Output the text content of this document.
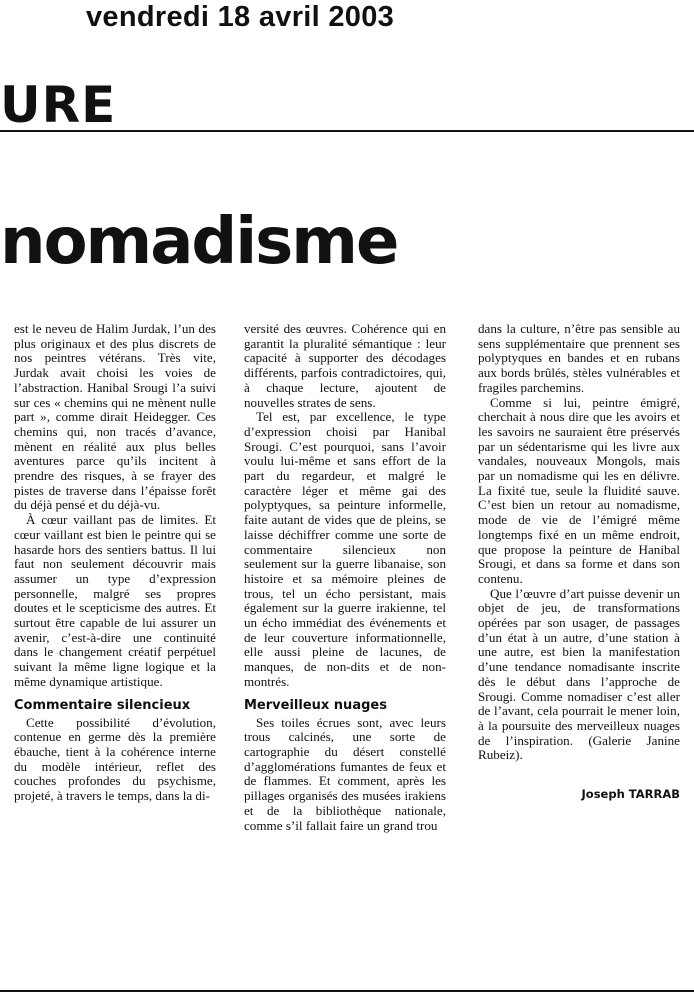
vendredi 18 avril 2003
URE
nomadisme

est le neveu de Halim Jurdak, l’un des plus originaux et des plus discrets de nos peintres vétérans. Très vite, Jurdak avait choisi les voies de l’abstraction. Hanibal Srougi l’a suivi sur ces « chemins qui ne mènent nulle part », comme dirait Heidegger. Ces chemins qui, non tracés d’avance, mènent en réalité aux plus belles aventures parce qu’ils incitent à prendre des risques, à se frayer des pistes de traverse dans l’épaisse forêt du déjà pensé et du déjà-vu.

À cœur vaillant pas de limites. Et cœur vaillant est bien le peintre qui se hasarde hors des sentiers battus. Il lui faut non seulement découvrir mais assumer un type d’expression personnelle, malgré ses propres doutes et le scepticisme des autres. Et surtout être capable de lui assurer un avenir, c’est-à-dire une continuité dans le changement créatif perpétuel suivant la même ligne logique et la même dynamique artistique.

Commentaire silencieux

Cette possibilité d’évolution, contenue en germe dès la première ébauche, tient à la cohérence interne du modèle intérieur, reflet des couches profondes du psychisme, projeté, à travers le temps, dans la di-

versité des œuvres. Cohérence qui en garantit la pluralité sémantique : leur capacité à supporter des décodages différents, parfois contradictoires, qui, à chaque lecture, ajoutent de nouvelles strates de sens.

Tel est, par excellence, le type d’expression choisi par Hanibal Srougi. C’est pourquoi, sans l’avoir voulu lui-même et sans effort de la part du regardeur, et malgré le caractère léger et même gai des polyptyques, sa peinture informelle, faite autant de vides que de pleins, se laisse déchiffrer comme une sorte de commentaire silencieux non seulement sur la guerre libanaise, son histoire et sa mémoire pleines de trous, tel un écho persistant, mais également sur la guerre irakienne, tel un écho immédiat des événements et de leur couverture informationnelle, elle aussi pleine de lacunes, de manques, de non-dits et de non-montrés.

Merveilleux nuages

Ses toiles écrues sont, avec leurs trous calcinés, une sorte de cartographie du désert constellé d’agglomérations fumantes de feux et de flammes. Et comment, après les pillages organisés des musées irakiens et de la bibliothèque nationale, comme s’il fallait faire un grand trou

dans la culture, n’être pas sensible au sens supplémentaire que prennent ses polyptyques en bandes et en rubans aux bords brûlés, stèles vulnérables et fragiles parchemins.

Comme si lui, peintre émigré, cherchait à nous dire que les avoirs et les savoirs ne sauraient être préservés par un sédentarisme qui les livre aux vandales, nouveaux Mongols, mais par un nomadisme qui les en délivre. La fixité tue, seule la fluidité sauve. C’est bien un retour au nomadisme, mode de vie de l’émigré même longtemps fixé en un même endroit, que propose la peinture de Hanibal Srougi, et dans sa forme et dans son contenu.

Que l’œuvre d’art puisse devenir un objet de jeu, de transformations opérées par son usager, de passages d’un état à un autre, d’une station à une autre, est bien la manifestation d’une tendance nomadisante inscrite dès le début dans l’approche de Srougi. Comme nomadiser c’est aller de l’avant, cela pourrait le mener loin, à la poursuite des merveilleux nuages de l’inspiration. (Galerie Janine Rubeiz).

Joseph TARRAB
